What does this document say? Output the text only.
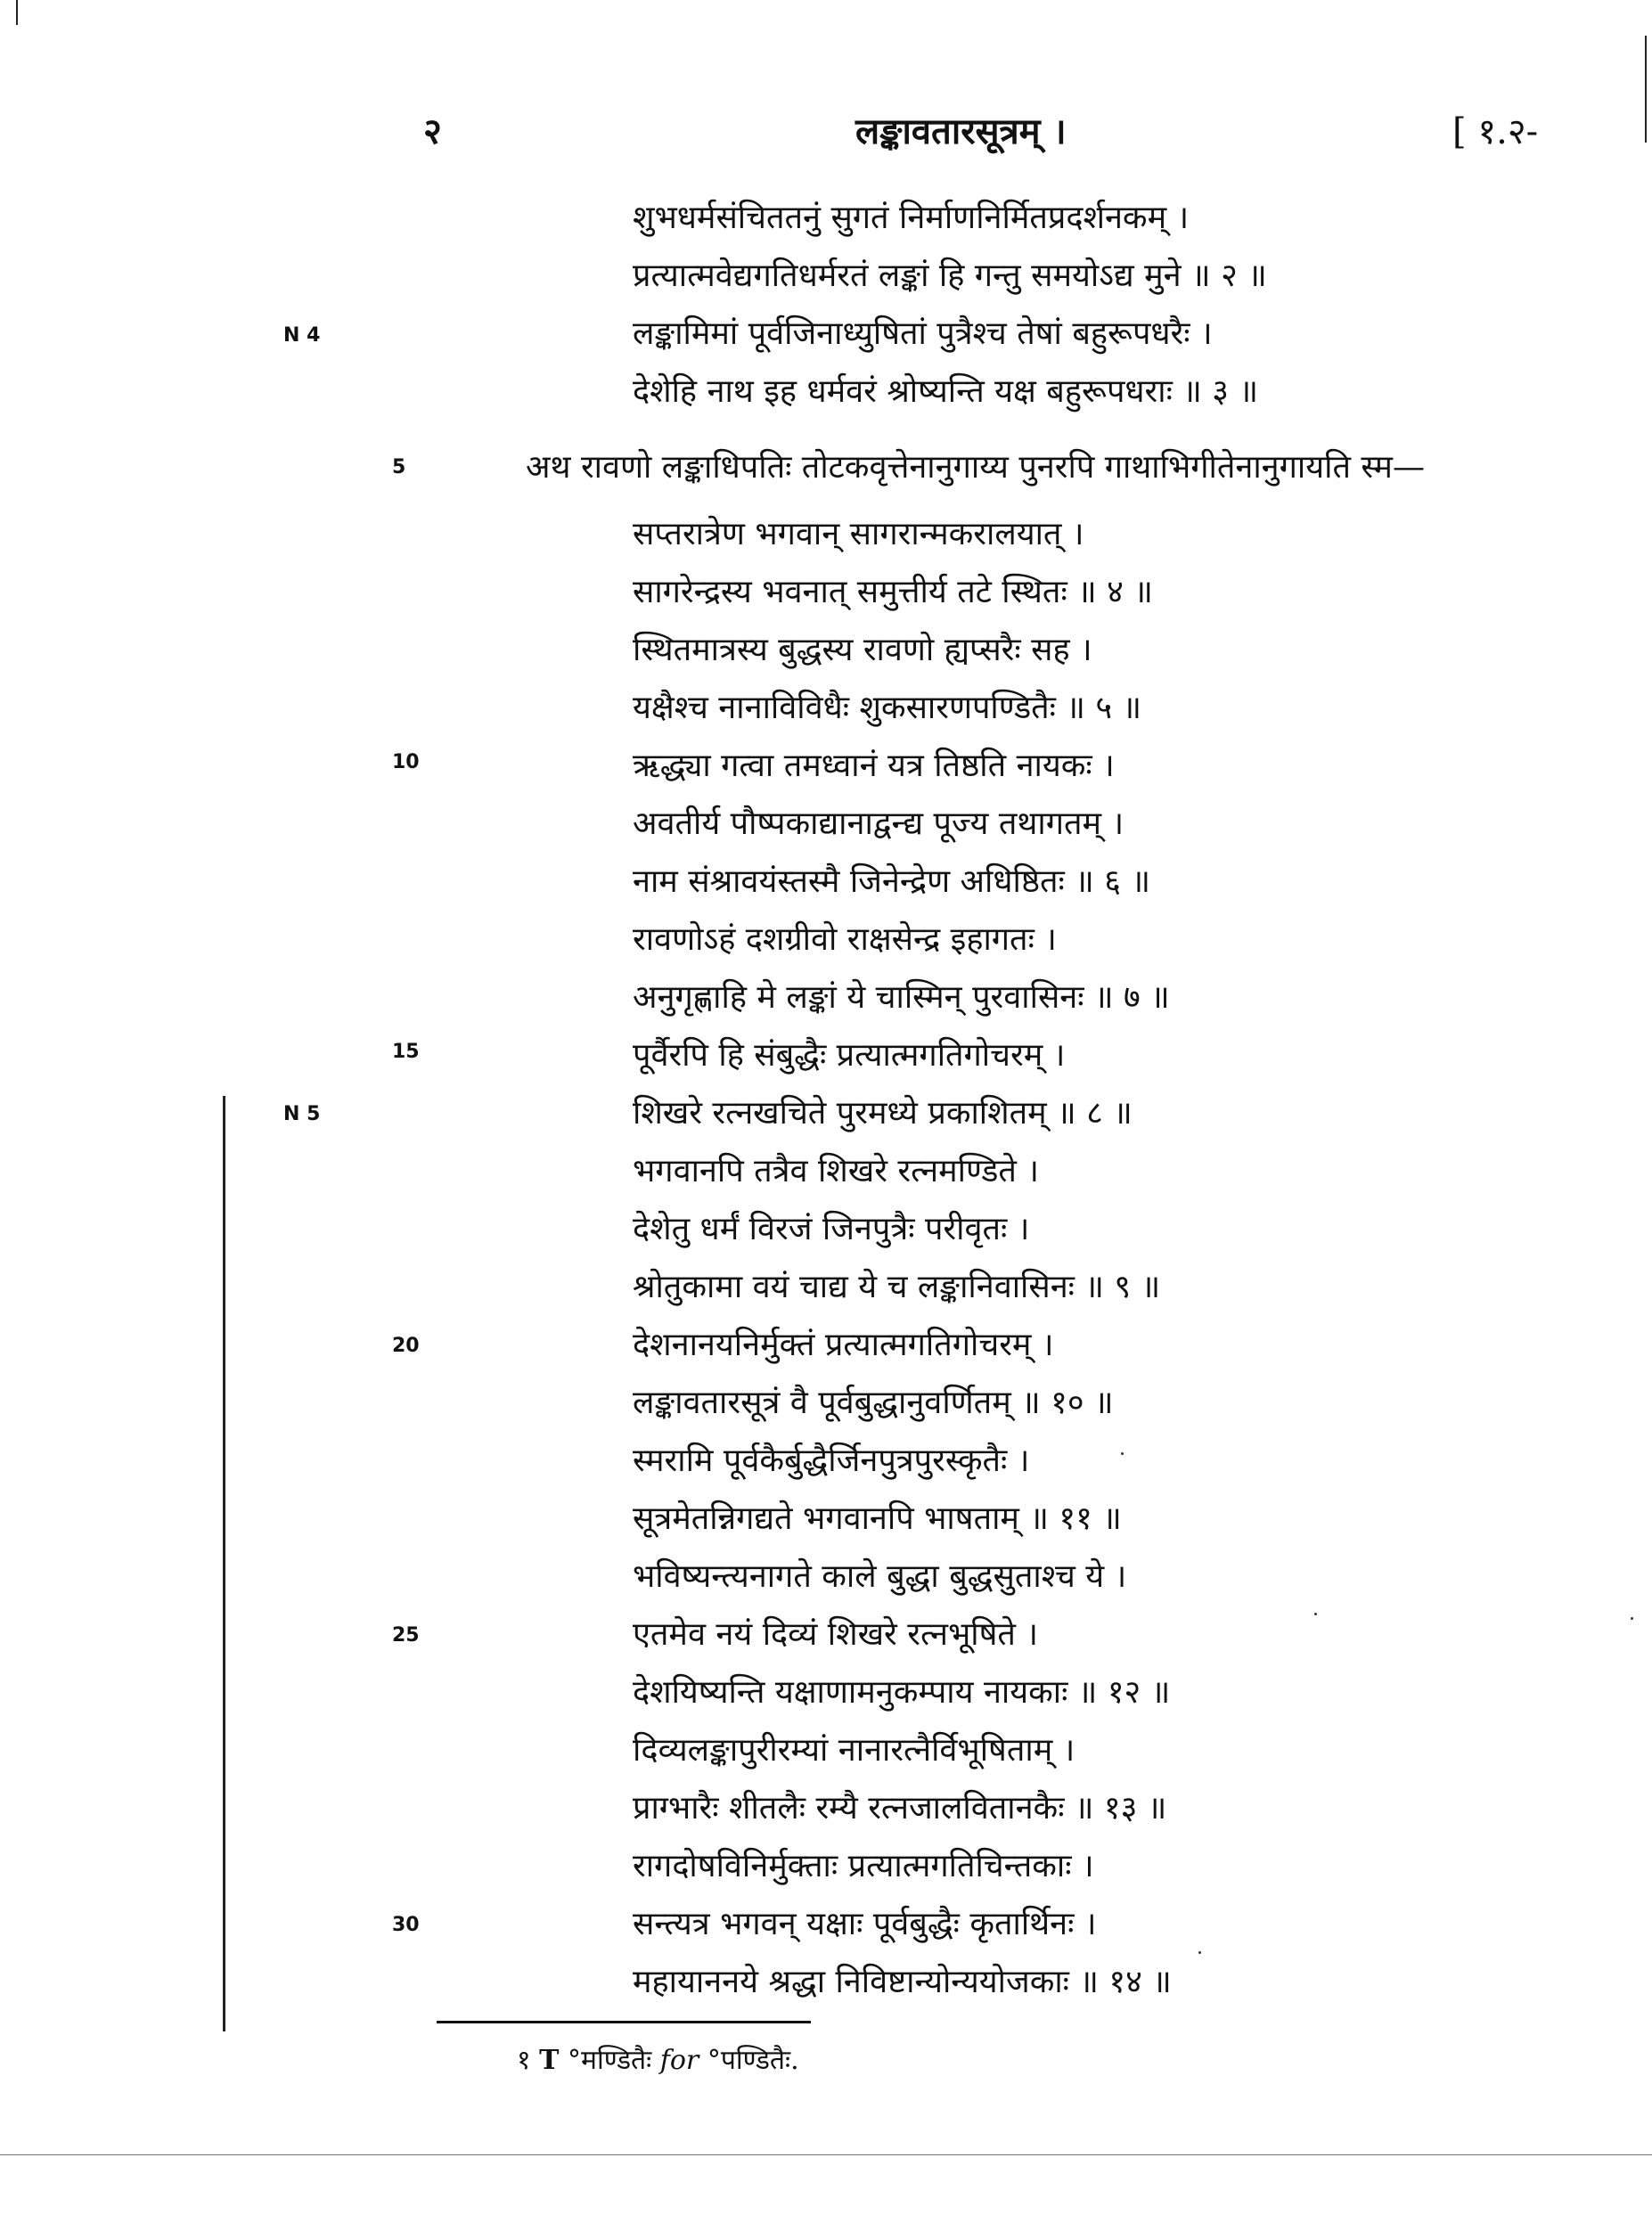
२	लङ्कावतारसूत्रम् ।	[ १.२-
शुभधर्मसंचिततनुं सुगतं निर्माणनिर्मितप्रदर्शनकम् ।
प्रत्यात्मवेद्यगतिधर्मरतं लङ्कां हि गन्तु समयोऽद्य मुने ॥ २ ॥
लङ्कामिमां पूर्वजिनाध्युषितां पुत्रैश्च तेषां बहुरूपधरैः ।
देशेहि नाथ इह धर्मवरं श्रोष्यन्ति यक्ष बहुरूपधराः ॥ ३ ॥
अथ रावणो लङ्काधिपतिः तोटकवृत्तेनानुगाय्य पुनरपि गाथाभिगीतेनानुगायति स्म—
सप्तरात्रेण भगवान् सागरान्मकरालयात् ।
सागरेन्द्रस्य भवनात् समुत्तीर्य तटे स्थितः ॥ ४ ॥
स्थितमात्रस्य बुद्धस्य रावणो ह्यप्सरैः सह ।
यक्षैश्च नानाविविधैः शुकसारणपण्डितैः ॥ ५ ॥
ऋद्ध्या गत्वा तमध्वानं यत्र तिष्ठति नायकः ।
अवतीर्य पौष्पकाद्यानाद्वन्द्य पूज्य तथागतम् ।
नाम संश्रावयंस्तस्मै जिनेन्द्रेण अधिष्ठितः ॥ ६ ॥
रावणोऽहं दशग्रीवो राक्षसेन्द्र इहागतः ।
अनुगृह्णाहि मे लङ्कां ये चास्मिन् पुरवासिनः ॥ ७ ॥
पूर्वैरपि हि संबुद्धैः प्रत्यात्मगतिगोचरम् ।
शिखरे रत्नखचिते पुरमध्ये प्रकाशितम् ॥ ८ ॥
भगवानपि तत्रैव शिखरे रत्नमण्डिते ।
देशेतु धर्मं विरजं जिनपुत्रैः परीवृतः ।
श्रोतुकामा वयं चाद्य ये च लङ्कानिवासिनः ॥ ९ ॥
देशनानयनिर्मुक्तं प्रत्यात्मगतिगोचरम् ।
लङ्कावतारसूत्रं वै पूर्वबुद्धानुवर्णितम् ॥ १० ॥
स्मरामि पूर्वकैर्बुद्धैर्जिनपुत्रपुरस्कृतैः ।
सूत्रमेतन्निगद्यते भगवानपि भाषताम् ॥ ११ ॥
भविष्यन्त्यनागते काले बुद्धा बुद्धसुताश्च ये ।
एतमेव नयं दिव्यं शिखरे रत्नभूषिते ।
देशयिष्यन्ति यक्षाणामनुकम्पाय नायकाः ॥ १२ ॥
दिव्यलङ्कापुरीरम्यां नानारत्नैर्विभूषिताम् ।
प्राग्भारैः शीतलैः रम्यै रत्नजालवितानकैः ॥ १३ ॥
रागदोषविनिर्मुक्ताः प्रत्यात्मगतिचिन्तकाः ।
सन्त्यत्र भगवन् यक्षाः पूर्वबुद्धैः कृतार्थिनः ।
महायाननये श्रद्धा निविष्टान्योन्ययोजकाः ॥ १४ ॥
5
10
15
20
25
30
N 4
N 5
१ T °मण्डितैः for °पण्डितैः.
